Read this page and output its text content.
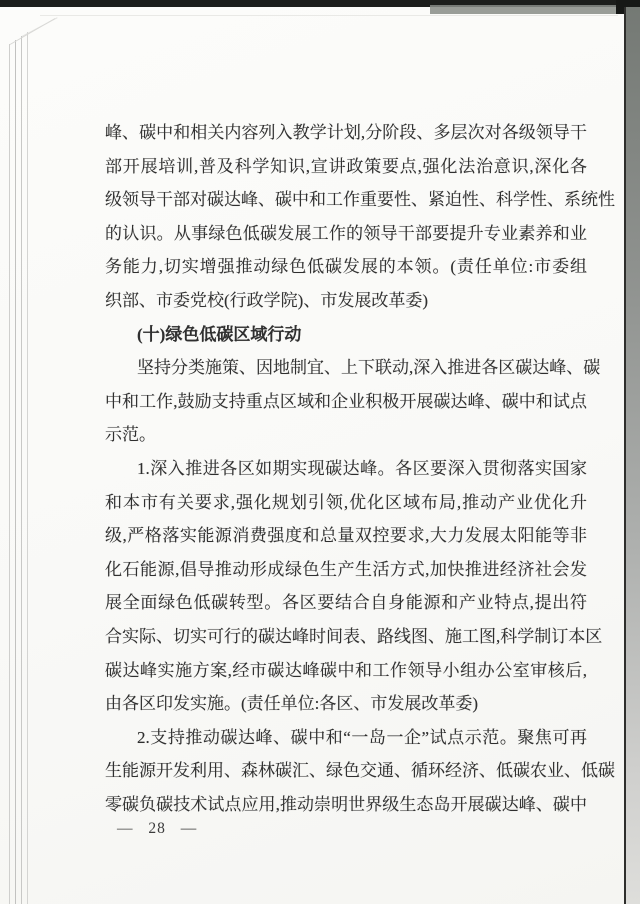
峰、碳中和相关内容列入教学计划,分阶段、多层次对各级领导干
部开展培训,普及科学知识,宣讲政策要点,强化法治意识,深化各
级领导干部对碳达峰、碳中和工作重要性、紧迫性、科学性、系统性
的认识。从事绿色低碳发展工作的领导干部要提升专业素养和业
务能力,切实增强推动绿色低碳发展的本领。(责任单位:市委组
织部、市委党校(行政学院)、市发展改革委)
(十)绿色低碳区域行动
坚持分类施策、因地制宜、上下联动,深入推进各区碳达峰、碳
中和工作,鼓励支持重点区域和企业积极开展碳达峰、碳中和试点
示范。
1.深入推进各区如期实现碳达峰。各区要深入贯彻落实国家
和本市有关要求,强化规划引领,优化区域布局,推动产业优化升
级,严格落实能源消费强度和总量双控要求,大力发展太阳能等非
化石能源,倡导推动形成绿色生产生活方式,加快推进经济社会发
展全面绿色低碳转型。各区要结合自身能源和产业特点,提出符
合实际、切实可行的碳达峰时间表、路线图、施工图,科学制订本区
碳达峰实施方案,经市碳达峰碳中和工作领导小组办公室审核后,
由各区印发实施。(责任单位:各区、市发展改革委)
2.支持推动碳达峰、碳中和“一岛一企”试点示范。聚焦可再
生能源开发利用、森林碳汇、绿色交通、循环经济、低碳农业、低碳
零碳负碳技术试点应用,推动崇明世界级生态岛开展碳达峰、碳中
— 28 —
